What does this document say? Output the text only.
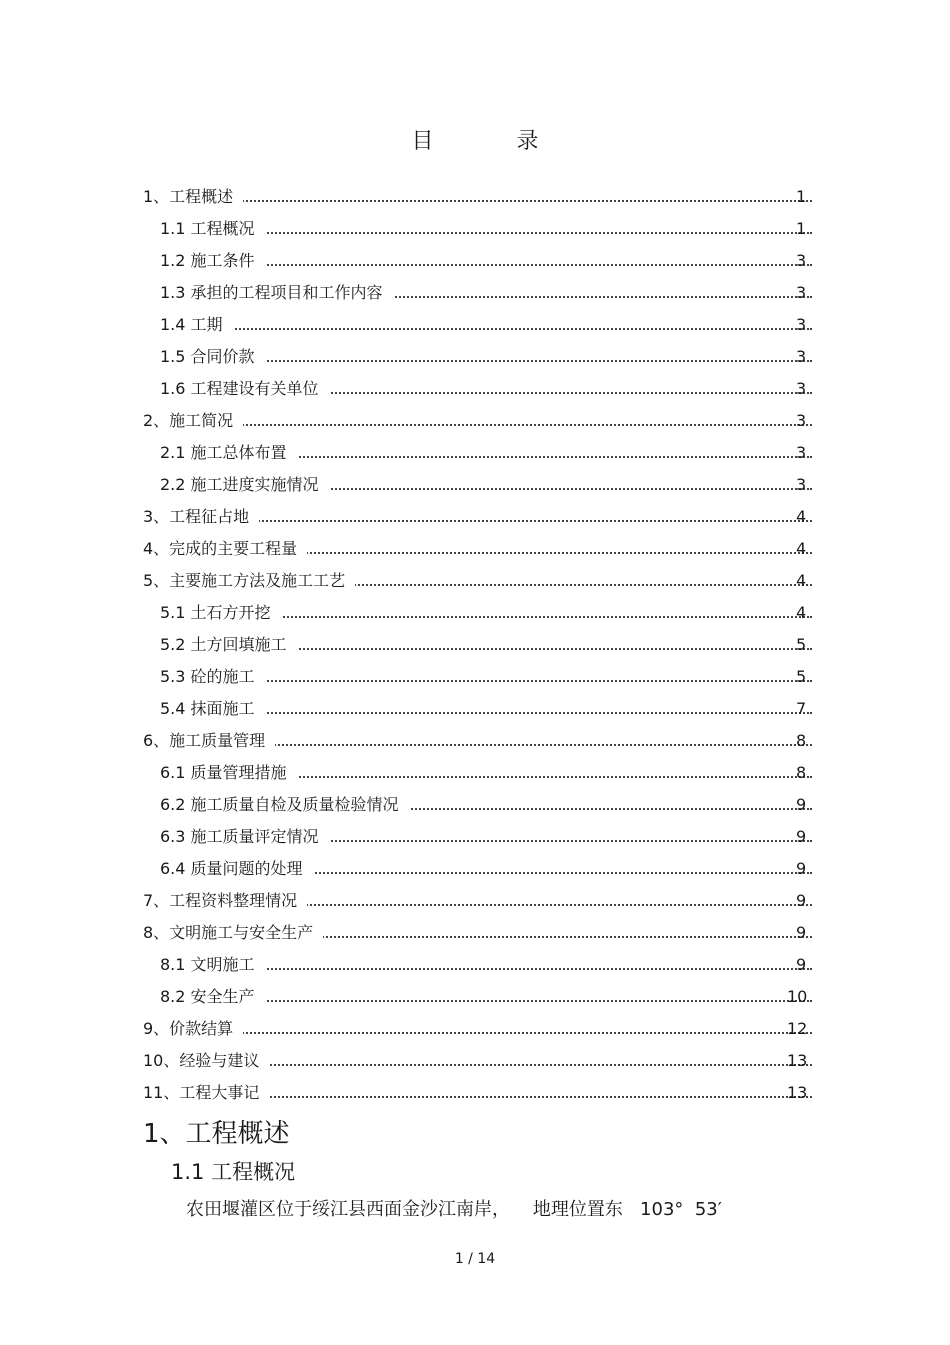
目 录
1、工程概述	1
1.1 工程概况	1
1.2 施工条件	3
1.3 承担的工程项目和工作内容	3
1.4 工期	3
1.5 合同价款	3
1.6 工程建设有关单位	3
2、施工简况	3
2.1 施工总体布置	3
2.2 施工进度实施情况	3
3、工程征占地	4
4、完成的主要工程量	4
5、主要施工方法及施工工艺	4
5.1 土石方开挖	4
5.2 土方回填施工	5
5.3 砼的施工	5
5.4 抹面施工	7
6、施工质量管理	8
6.1 质量管理措施	8
6.2 施工质量自检及质量检验情况	9
6.3 施工质量评定情况	9
6.4 质量问题的处理	9
7、工程资料整理情况	9
8、文明施工与安全生产	9
8.1 文明施工	9
8.2 安全生产	10
9、价款结算	12
10、经验与建议	13
11、工程大事记	13
1、工程概述
1.1 工程概况
农田堰灌区位于绥江县西面金沙江南岸，    地理位置东   103°  53′
1 / 14
